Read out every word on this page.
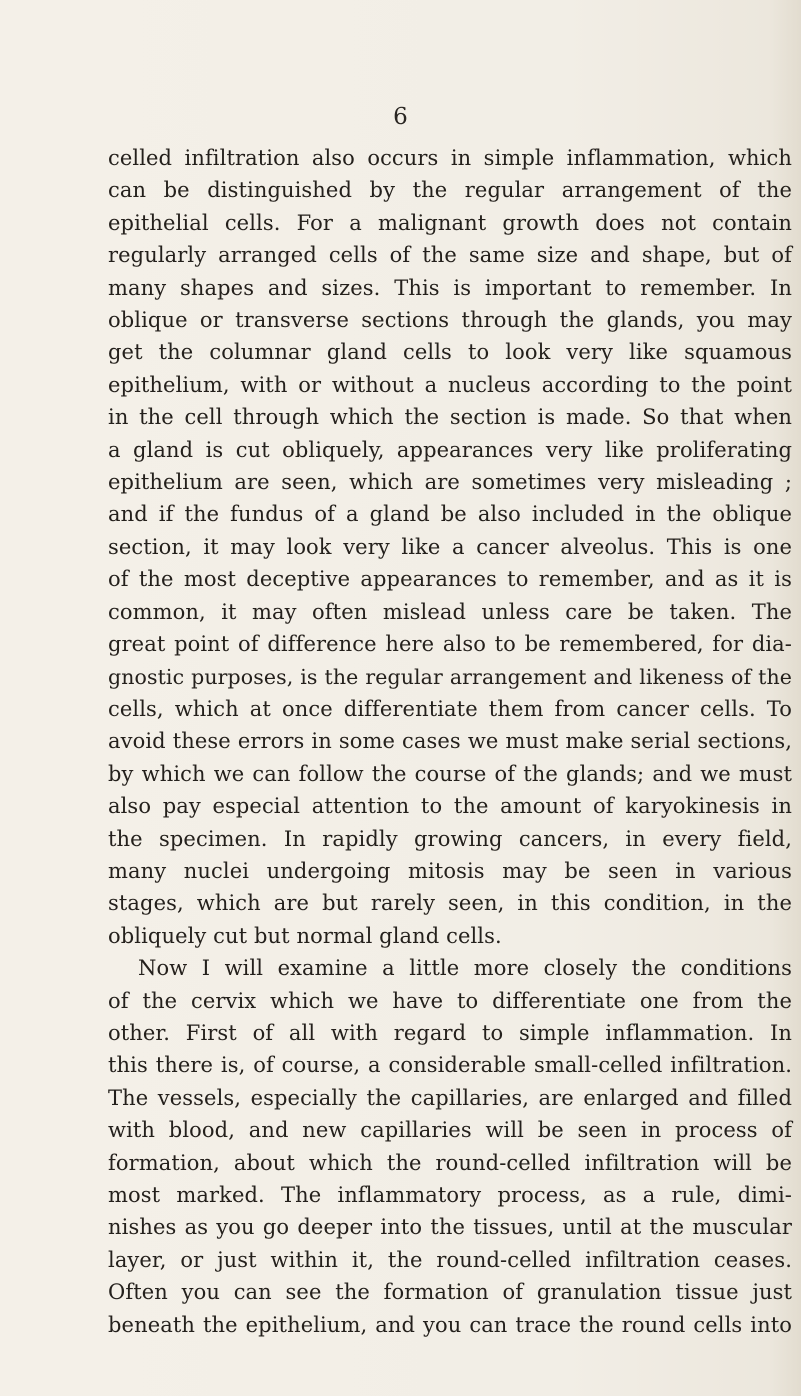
6
celled infiltration also occurs in simple inflammation, which
can be distinguished by the regular arrangement of the
epithelial cells. For a malignant growth does not contain
regularly arranged cells of the same size and shape, but of
many shapes and sizes. This is important to remember. In
oblique or transverse sections through the glands, you may
get the columnar gland cells to look very like squamous
epithelium, with or without a nucleus according to the point
in the cell through which the section is made. So that when
a gland is cut obliquely, appearances very like proliferating
epithelium are seen, which are sometimes very misleading ;
and if the fundus of a gland be also included in the oblique
section, it may look very like a cancer alveolus. This is one
of the most deceptive appearances to remember, and as it is
common, it may often mislead unless care be taken. The
great point of difference here also to be remembered, for dia-
gnostic purposes, is the regular arrangement and likeness of the
cells, which at once differentiate them from cancer cells. To
avoid these errors in some cases we must make serial sections,
by which we can follow the course of the glands; and we must
also pay especial attention to the amount of karyokinesis in
the specimen. In rapidly growing cancers, in every field,
many nuclei undergoing mitosis may be seen in various
stages, which are but rarely seen, in this condition, in the
obliquely cut but normal gland cells.
Now I will examine a little more closely the conditions
of the cervix which we have to differentiate one from the
other. First of all with regard to simple inflammation. In
this there is, of course, a considerable small-celled infiltration.
The vessels, especially the capillaries, are enlarged and filled
with blood, and new capillaries will be seen in process of
formation, about which the round-celled infiltration will be
most marked. The inflammatory process, as a rule, dimi-
nishes as you go deeper into the tissues, until at the muscular
layer, or just within it, the round-celled infiltration ceases.
Often you can see the formation of granulation tissue just
beneath the epithelium, and you can trace the round cells into
